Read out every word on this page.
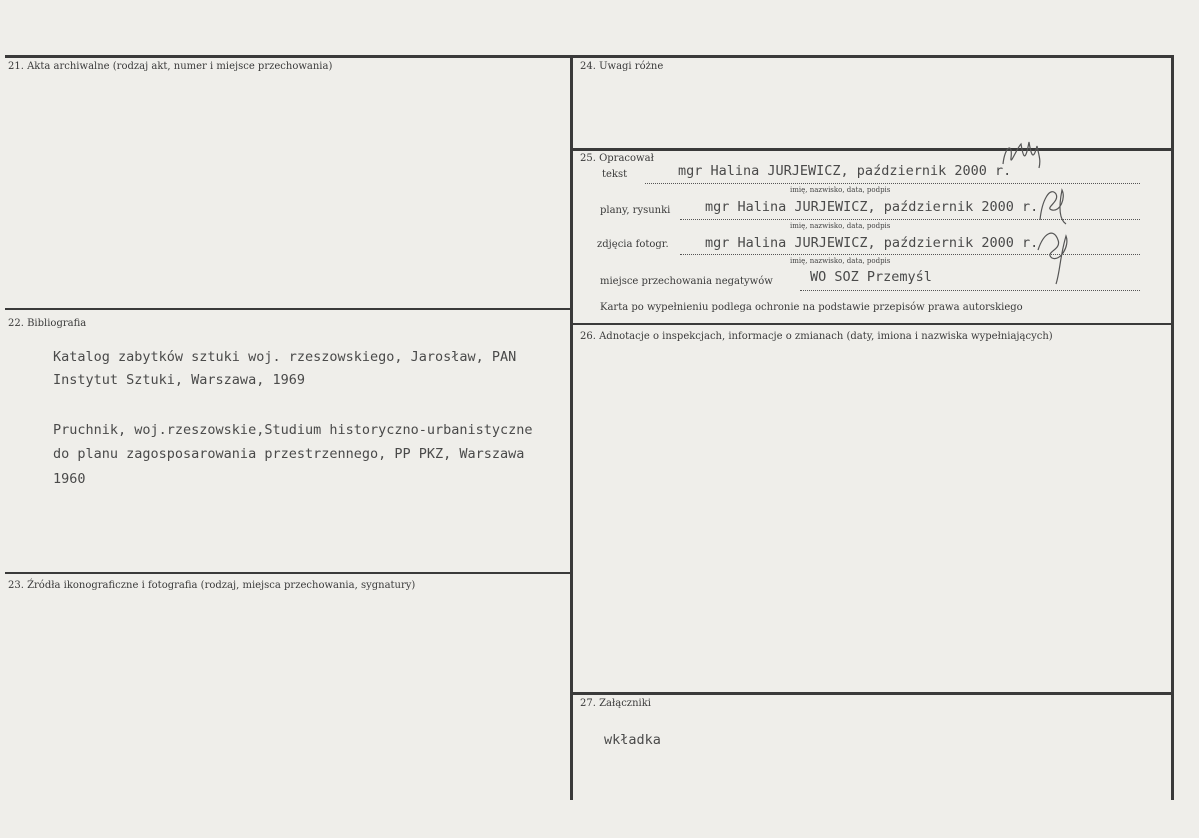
21. Akta archiwalne (rodzaj akt, numer i miejsce przechowania)
22. Bibliografia
Katalog zabytków sztuki woj. rzeszowskiego, Jarosław, PAN
Instytut Sztuki, Warszawa, 1969
Pruchnik, woj.rzeszowskie,Studium historyczno-urbanistyczne
do planu zagosposarowania przestrzennego, PP PKZ, Warszawa
1960
23. Źródła ikonograficzne i fotografia (rodzaj, miejsca przechowania, sygnatury)
24. Uwagi różne
25. Opracował
tekst	mgr Halina JURJEWICZ, październik 2000 r.
imię, nazwisko, data, podpis
plany, rysunki	mgr Halina JURJEWICZ, październik 2000 r.
imię, nazwisko, data, podpis
zdjęcia fotogr.	mgr Halina JURJEWICZ, październik 2000 r.
imię, nazwisko, data, podpis
miejsce przechowania negatywów	WO SOZ Przemyśl
Karta po wypełnieniu podlega ochronie na podstawie przepisów prawa autorskiego
26. Adnotacje o inspekcjach, informacje o zmianach (daty, imiona i nazwiska wypełniających)
27. Załączniki
wkładka
